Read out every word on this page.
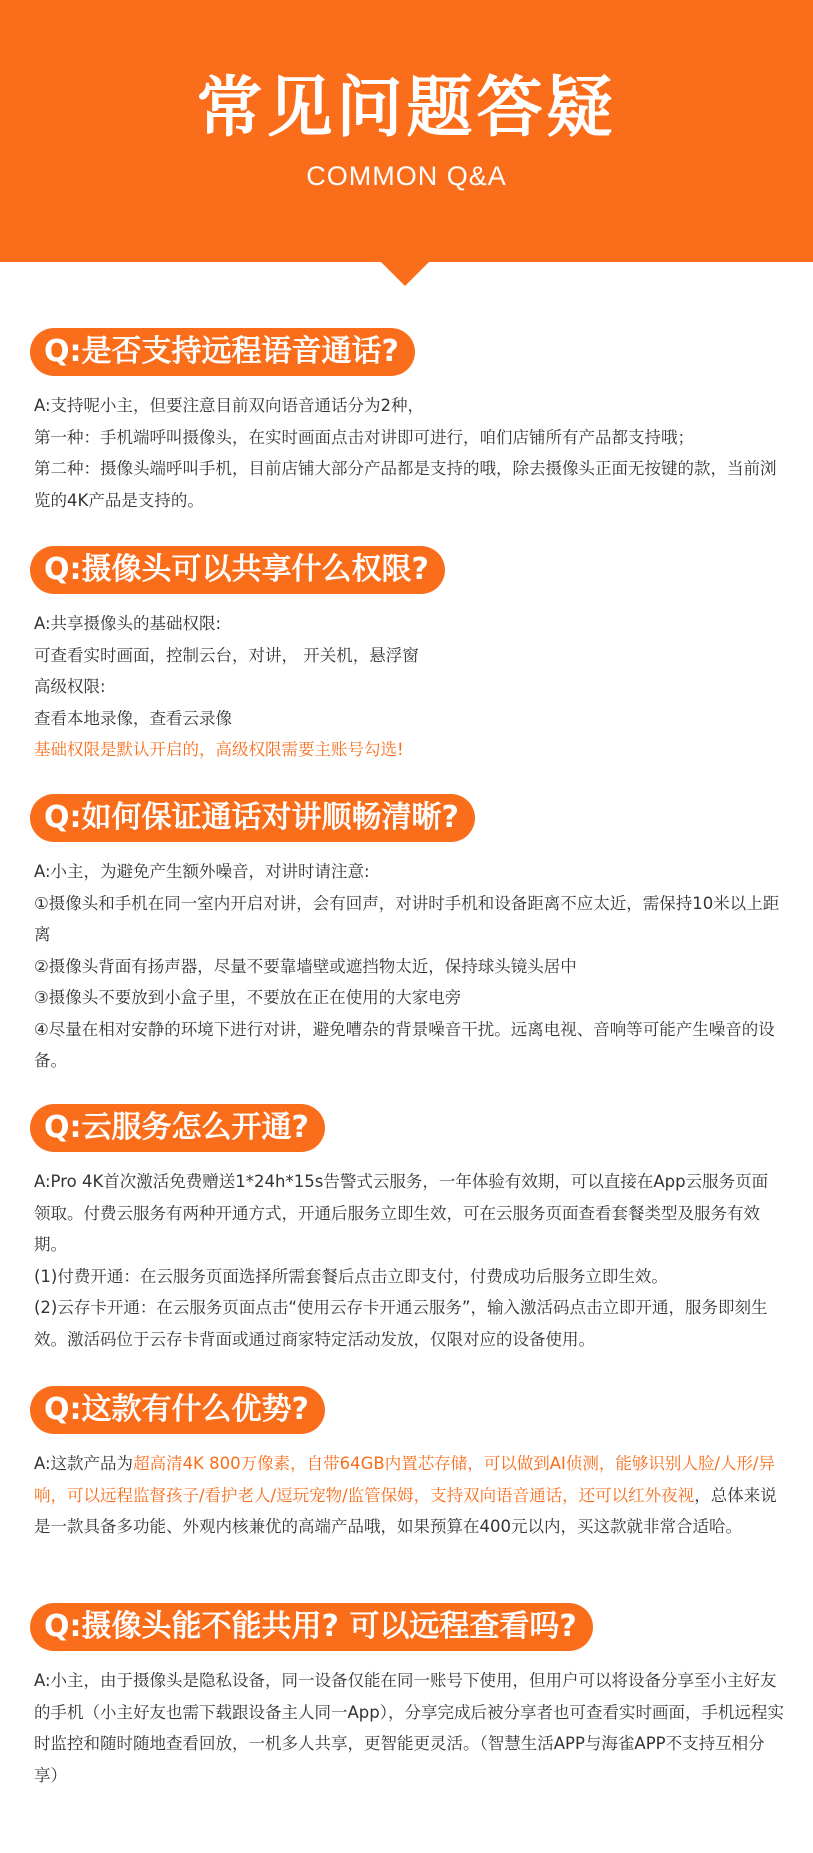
常见问题答疑
COMMON Q&A
Q:是否支持远程语音通话?

A:支持呢小主，但要注意目前双向语音通话分为2种，

第一种：手机端呼叫摄像头，在实时画面点击对讲即可进行，咱们店铺所有产品都支持哦；

第二种：摄像头端呼叫手机，目前店铺大部分产品都是支持的哦，除去摄像头正面无按键的款，当前浏览的4K产品是支持的。

Q:摄像头可以共享什么权限?

A:共享摄像头的基础权限:

可查看实时画面，控制云台，对讲， 开关机，悬浮窗

高级权限:

查看本地录像，查看云录像

基础权限是默认开启的，高级权限需要主账号勾选!

Q:如何保证通话对讲顺畅清晰?

A:小主，为避免产生额外噪音，对讲时请注意:

①摄像头和手机在同一室内开启对讲，会有回声，对讲时手机和设备距离不应太近，需保持10米以上距离

②摄像头背面有扬声器，尽量不要靠墙壁或遮挡物太近，保持球头镜头居中

③摄像头不要放到小盒子里，不要放在正在使用的大家电旁

④尽量在相对安静的环境下进行对讲，避免嘈杂的背景噪音干扰。远离电视、音响等可能产生噪音的设备。

Q:云服务怎么开通?

A:Pro 4K首次激活免费赠送1*24h*15s告警式云服务，一年体验有效期，可以直接在App云服务页面领取。付费云服务有两种开通方式，开通后服务立即生效，可在云服务页面查看套餐类型及服务有效期。

(1)付费开通：在云服务页面选择所需套餐后点击立即支付，付费成功后服务立即生效。

(2)云存卡开通：在云服务页面点击“使用云存卡开通云服务”，输入激活码点击立即开通，服务即刻生效。激活码位于云存卡背面或通过商家特定活动发放，仅限对应的设备使用。

Q:这款有什么优势?

A:这款产品为超高清4K 800万像素，自带64GB内置芯存储，可以做到AI侦测，能够识别人脸/人形/异响，可以远程监督孩子/看护老人/逗玩宠物/监管保姆，支持双向语音通话，还可以红外夜视，总体来说是一款具备多功能、外观内核兼优的高端产品哦，如果预算在400元以内，买这款就非常合适哈。

Q:摄像头能不能共用? 可以远程查看吗?

A:小主，由于摄像头是隐私设备，同一设备仅能在同一账号下使用，但用户可以将设备分享至小主好友的手机（小主好友也需下载跟设备主人同一App），分享完成后被分享者也可查看实时画面，手机远程实时监控和随时随地查看回放，一机多人共享，更智能更灵活。（智慧生活APP与海雀APP不支持互相分享）
